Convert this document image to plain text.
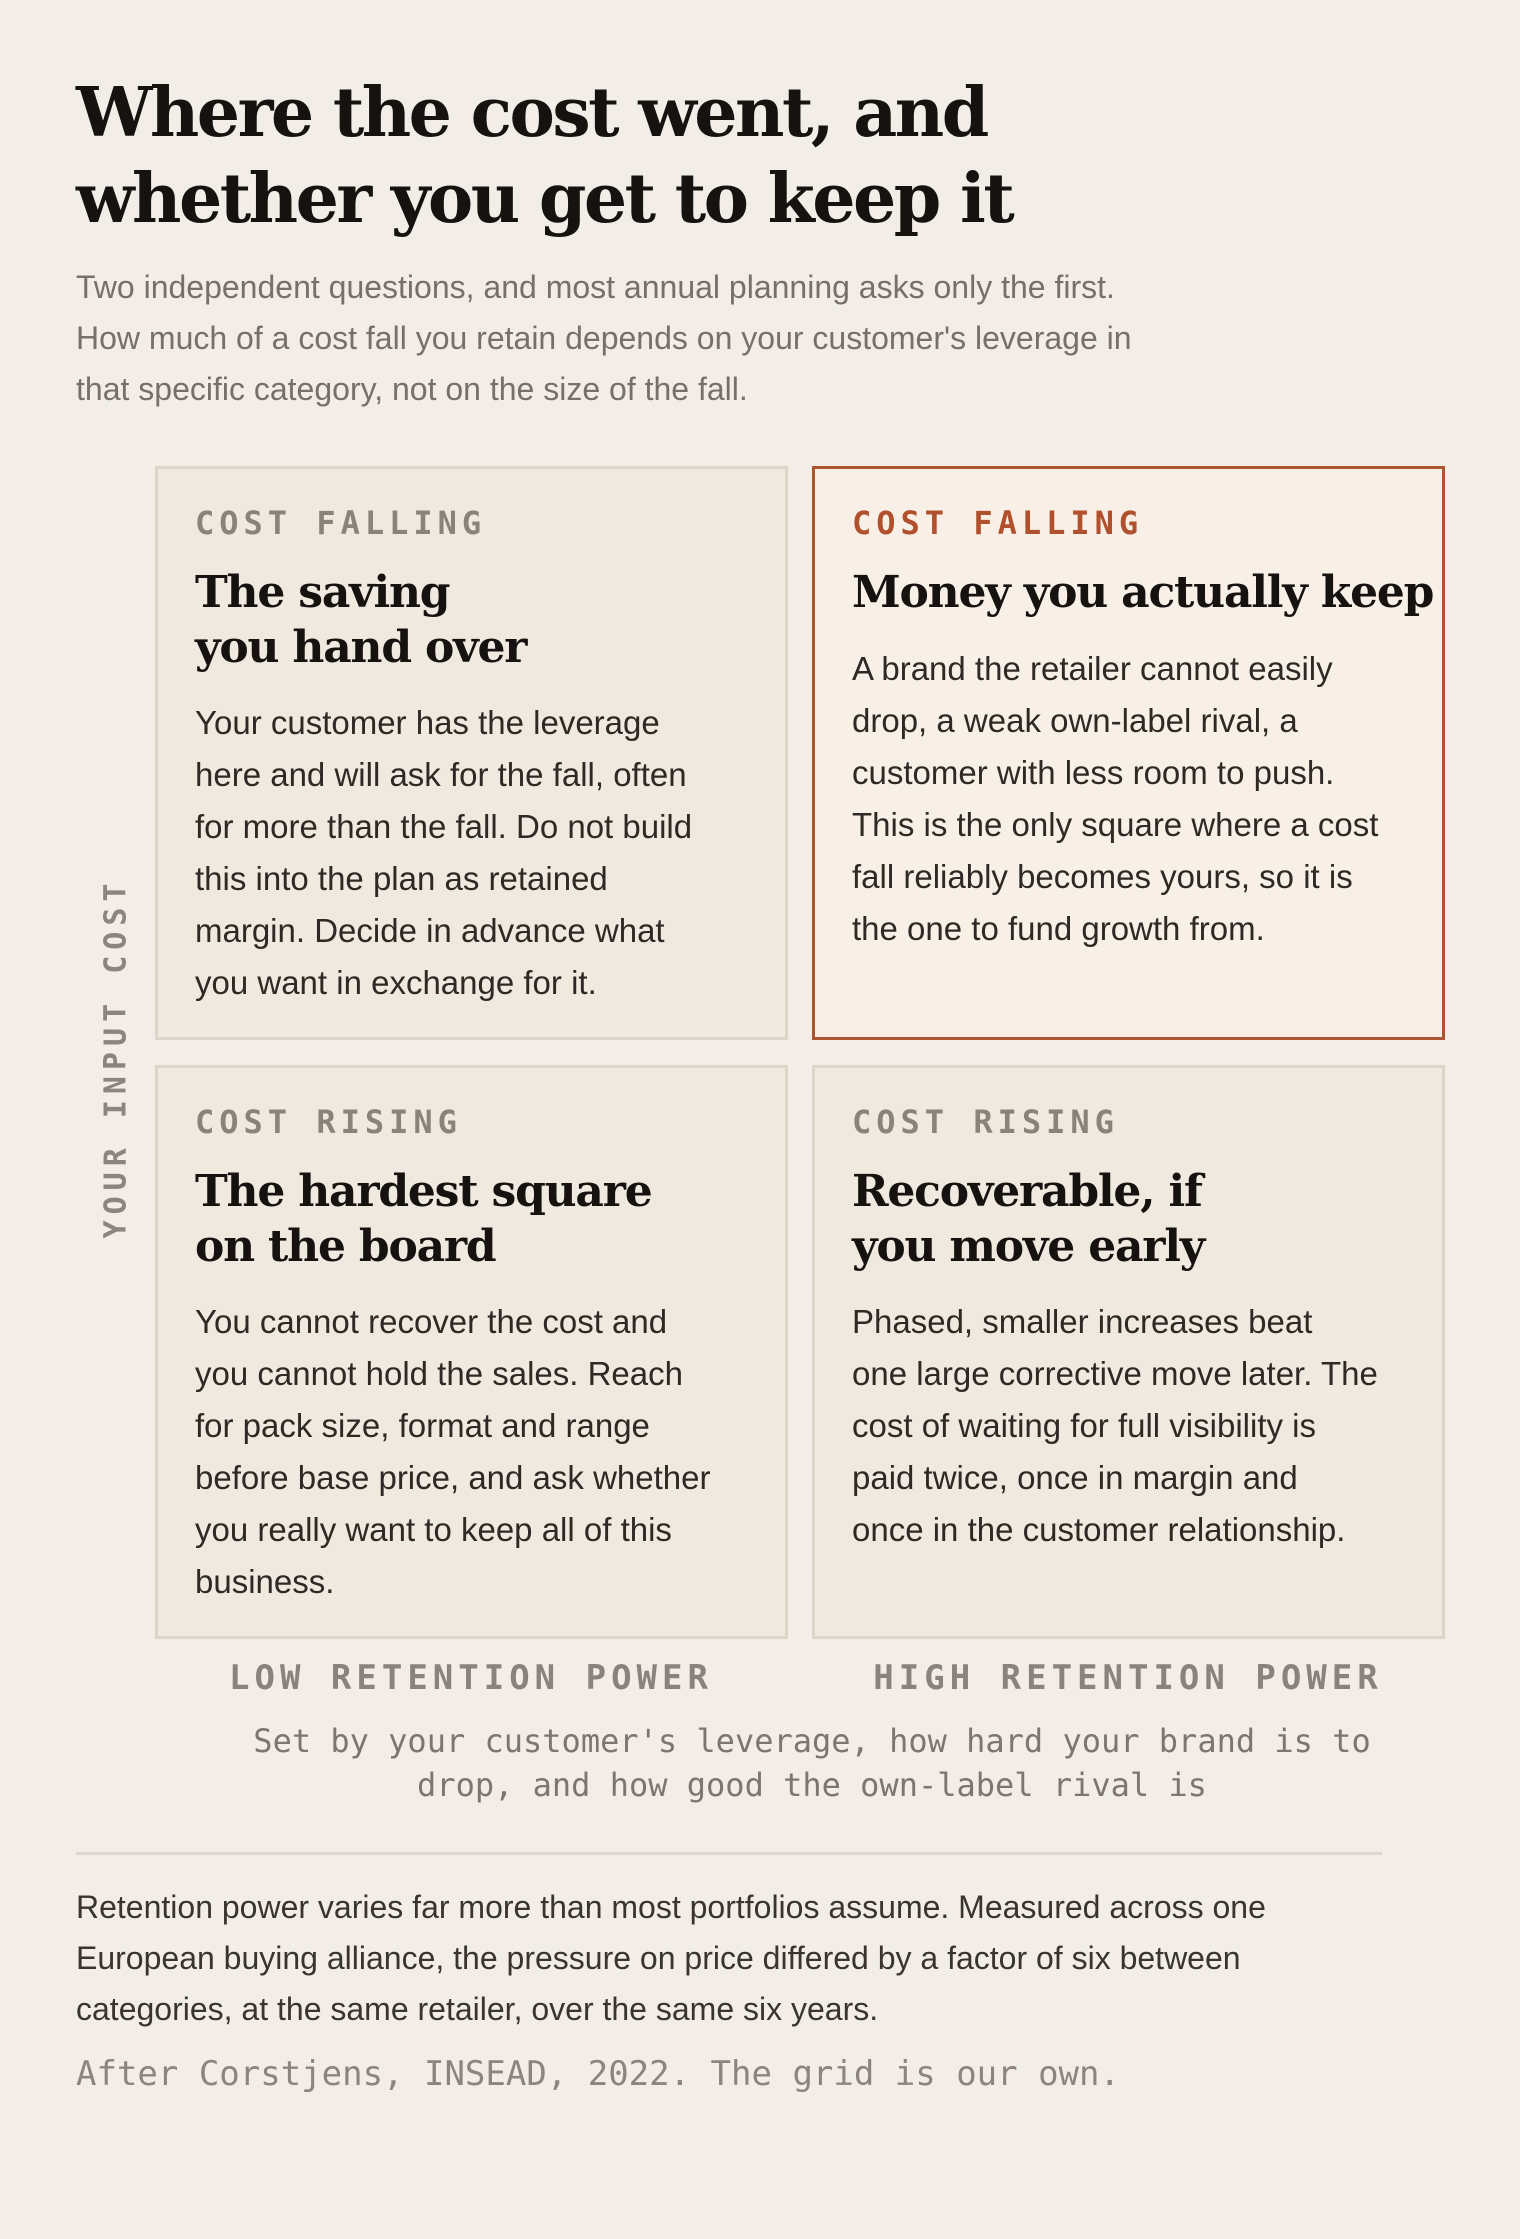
Where the cost went, and
whether you get to keep it
Two independent questions, and most annual planning asks only the first.
How much of a cost fall you retain depends on your customer's leverage in
that specific category, not on the size of the fall.
YOUR INPUT COST
COST FALLING
The saving
you hand over
Your customer has the leverage
here and will ask for the fall, often
for more than the fall. Do not build
this into the plan as retained
margin. Decide in advance what
you want in exchange for it.
COST FALLING
Money you actually keep
A brand the retailer cannot easily
drop, a weak own-label rival, a
customer with less room to push.
This is the only square where a cost
fall reliably becomes yours, so it is
the one to fund growth from.
COST RISING
The hardest square
on the board
You cannot recover the cost and
you cannot hold the sales. Reach
for pack size, format and range
before base price, and ask whether
you really want to keep all of this
business.
COST RISING
Recoverable, if
you move early
Phased, smaller increases beat
one large corrective move later. The
cost of waiting for full visibility is
paid twice, once in margin and
once in the customer relationship.
LOW RETENTION POWER	HIGH RETENTION POWER
Set by your customer's leverage, how hard your brand is to
drop, and how good the own-label rival is
Retention power varies far more than most portfolios assume. Measured across one
European buying alliance, the pressure on price differed by a factor of six between
categories, at the same retailer, over the same six years.
After Corstjens, INSEAD, 2022. The grid is our own.
